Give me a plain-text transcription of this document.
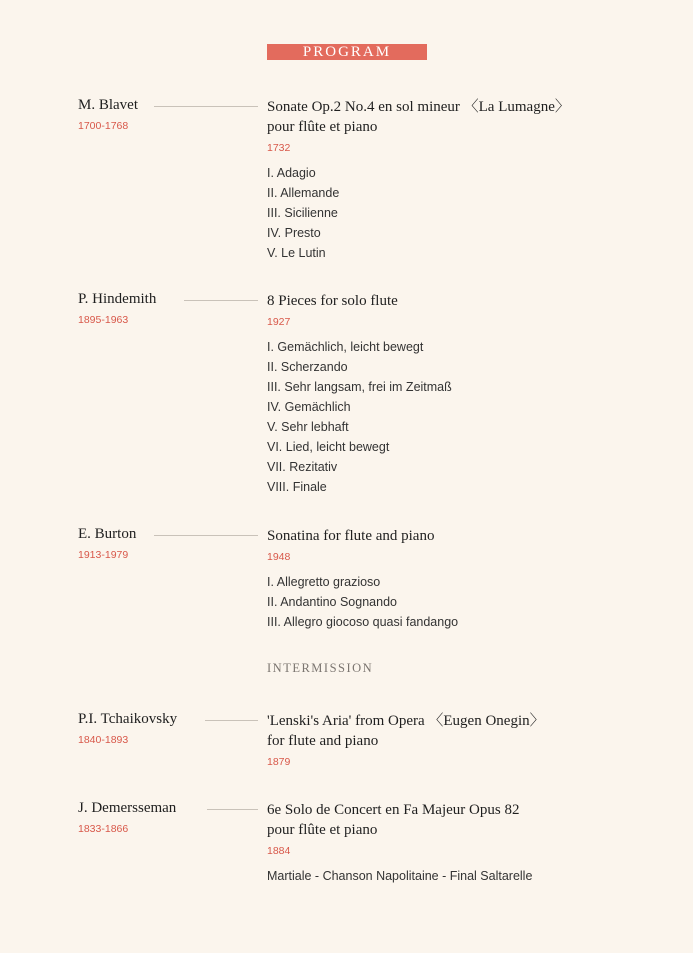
PROGRAM
M. Blavet
1700-1768
Sonate Op.2 No.4 en sol mineur 〈La Lumagne〉
pour flûte et piano
1732
I. Adagio
II. Allemande
III. Sicilienne
IV. Presto
V. Le Lutin
P. Hindemith
1895-1963
8 Pieces for solo flute
1927
I. Gemächlich, leicht bewegt
II. Scherzando
III. Sehr langsam, frei im Zeitmaß
IV. Gemächlich
V. Sehr lebhaft
VI. Lied, leicht bewegt
VII. Rezitativ
VIII. Finale
E. Burton
1913-1979
Sonatina for flute and piano
1948
I. Allegretto grazioso
II. Andantino Sognando
III. Allegro giocoso quasi fandango
INTERMISSION
P.I. Tchaikovsky
1840-1893
'Lenski's Aria' from Opera 〈Eugen Onegin〉
for flute and piano
1879
J. Demersseman
1833-1866
6e Solo de Concert en Fa Majeur Opus 82
pour flûte et piano
1884
Martiale - Chanson Napolitaine - Final Saltarelle
